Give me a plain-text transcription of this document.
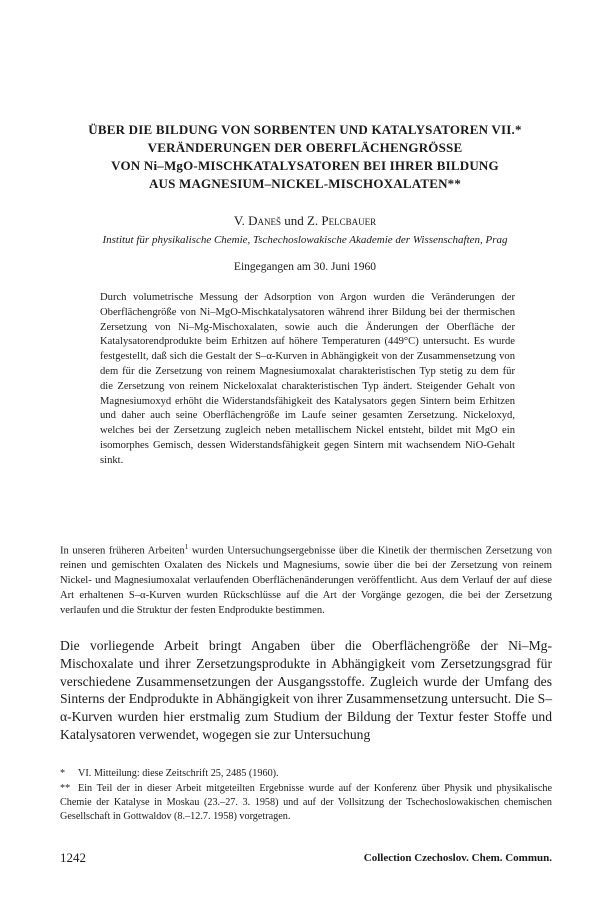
ÜBER DIE BILDUNG VON SORBENTEN UND KATALYSATOREN VII.*
VERÄNDERUNGEN DER OBERFLÄCHENGRÖSSE
VON Ni–MgO-MISCHKATALYSATOREN BEI IHRER BILDUNG
AUS MAGNESIUM–NICKEL-MISCHOXALATEN**
V. Daneš und Z. Pelcbauer
Institut für physikalische Chemie, Tschechoslowakische Akademie der Wissenschaften, Prag
Eingegangen am 30. Juni 1960
Durch volumetrische Messung der Adsorption von Argon wurden die Veränderungen der Oberflächengröße von Ni–MgO-Mischkatalysatoren während ihrer Bildung bei der thermischen Zersetzung von Ni–Mg-Mischoxalaten, sowie auch die Änderungen der Oberfläche der Katalysatorendprodukte beim Erhitzen auf höhere Temperaturen (449°C) untersucht. Es wurde festgestellt, daß sich die Gestalt der S–α-Kurven in Abhängigkeit von der Zusammensetzung von dem für die Zersetzung von reinem Magnesiumoxalat charakteristischen Typ stetig zu dem für die Zersetzung von reinem Nickeloxalat charakteristischen Typ ändert. Steigender Gehalt von Magnesiumoxyd erhöht die Widerstandsfähigkeit des Katalysators gegen Sintern beim Erhitzen und daher auch seine Oberflächengröße im Laufe seiner gesamten Zersetzung. Nickeloxyd, welches bei der Zersetzung zugleich neben metallischem Nickel entsteht, bildet mit MgO ein isomorphes Gemisch, dessen Widerstandsfähigkeit gegen Sintern mit wachsendem NiO-Gehalt sinkt.
In unseren früheren Arbeiten$^1$ wurden Untersuchungsergebnisse über die Kinetik der thermischen Zersetzung von reinen und gemischten Oxalaten des Nickels und Magnesiums, sowie über die bei der Zersetzung von reinem Nickel- und Magnesiumoxalat verlaufenden Oberflächenänderungen veröffentlicht. Aus dem Verlauf der auf diese Art erhaltenen S–α-Kurven wurden Rückschlüsse auf die Art der Vorgänge gezogen, die bei der Zersetzung verlaufen und die Struktur der festen Endprodukte bestimmen.
Die vorliegende Arbeit bringt Angaben über die Oberflächengröße der Ni–Mg-Mischoxalate und ihrer Zersetzungsprodukte in Abhängigkeit vom Zersetzungsgrad für verschiedene Zusammensetzungen der Ausgangsstoffe. Zugleich wurde der Umfang des Sinterns der Endprodukte in Abhängigkeit von ihrer Zusammensetzung untersucht. Die S–α-Kurven wurden hier erstmalig zum Studium der Bildung der Textur fester Stoffe und Katalysatoren verwendet, wogegen sie zur Untersuchung
* VI. Mitteilung: diese Zeitschrift 25, 2485 (1960).
** Ein Teil der in dieser Arbeit mitgeteilten Ergebnisse wurde auf der Konferenz über Physik und physikalische Chemie der Katalyse in Moskau (23.–27. 3. 1958) und auf der Vollsitzung der Tschechoslowakischen chemischen Gesellschaft in Gottwaldov (8.–12.7. 1958) vorgetragen.
1242	Collection Czechoslov. Chem. Commun.
